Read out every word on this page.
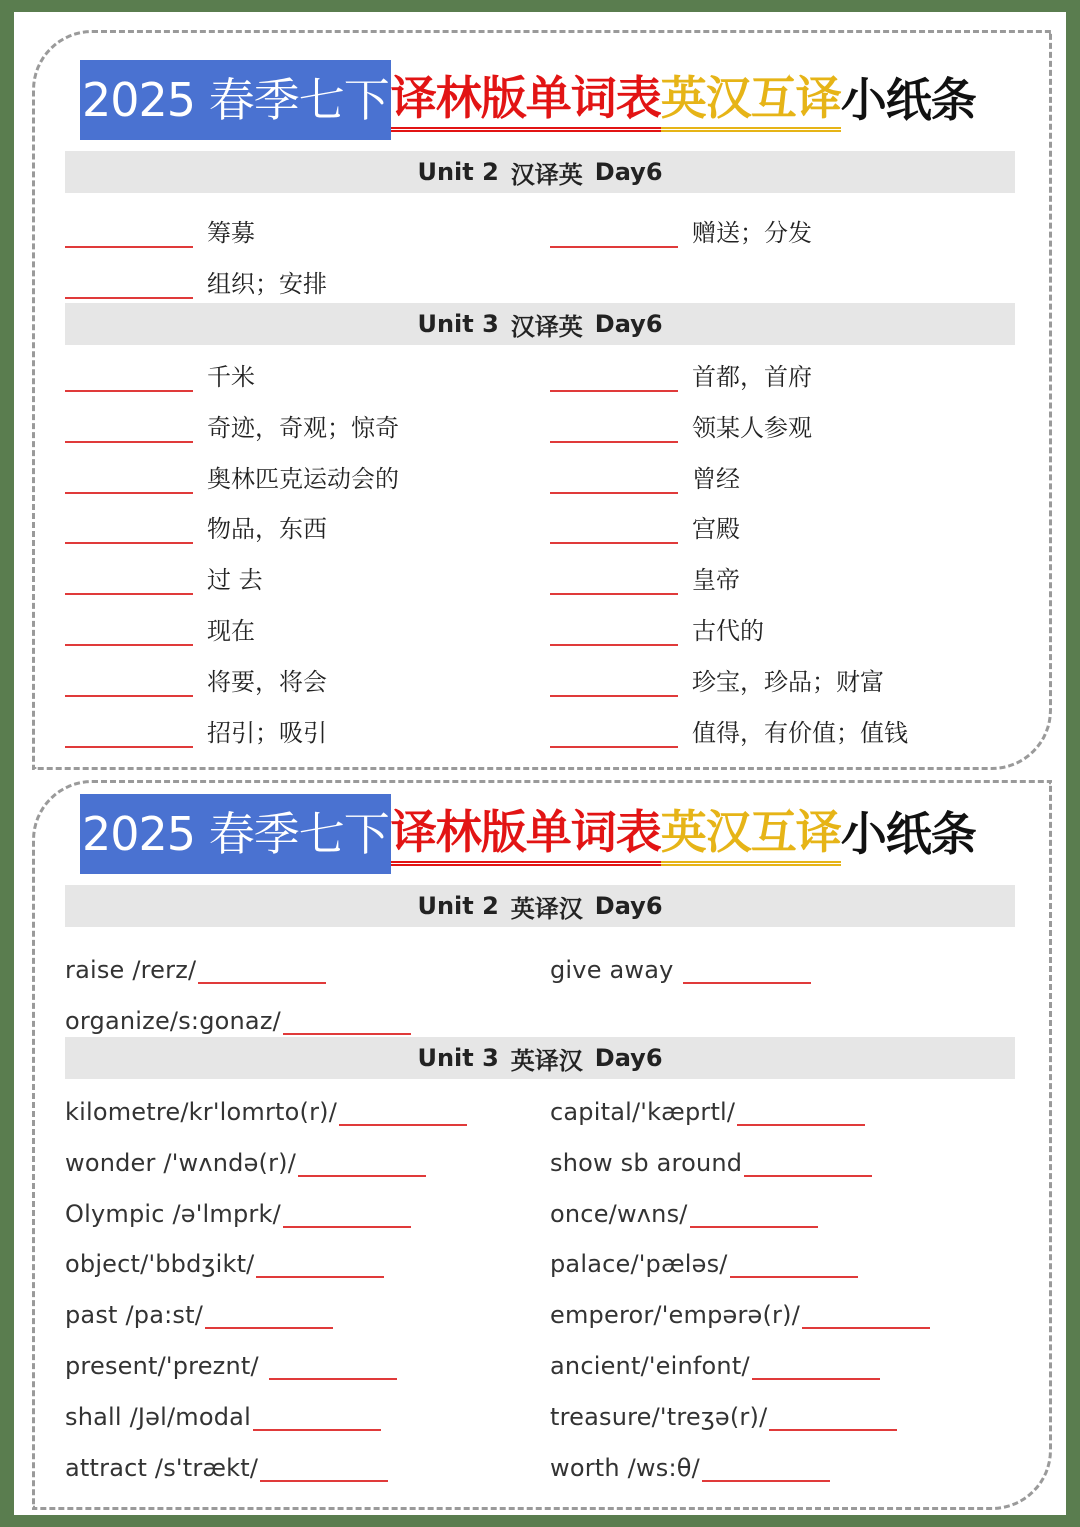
2025 春季七下 译林版单词表 英汉互译 小纸条
Unit 2 汉译英 Day6
筹募	赠送；分发
组织；安排
Unit 3 汉译英 Day6
千米	首都，首府
奇迹，奇观；惊奇	领某人参观
奥林匹克运动会的	曾经
物品，东西	宫殿
过 去	皇帝
现在	古代的
将要，将会	珍宝，珍品；财富
招引；吸引	值得，有价值；值钱
2025 春季七下 译林版单词表 英汉互译 小纸条
Unit 2 英译汉 Day6
raise /rerz/	give away
organize/s:gonaz/
Unit 3 英译汉 Day6
kilometre/kr'lomrto(r)/	capital/'kæprtl/
wonder /'wʌndə(r)/	show sb around
Olympic /ə'lmprk/	once/wʌns/
object/'bbdʒikt/	palace/'pæləs/
past /pa:st/	emperor/'empərə(r)/
present/'preznt/	ancient/'einfont/
shall /Jəl/modal	treasure/'treʒə(r)/
attract /s'trækt/	worth /ws:θ/
